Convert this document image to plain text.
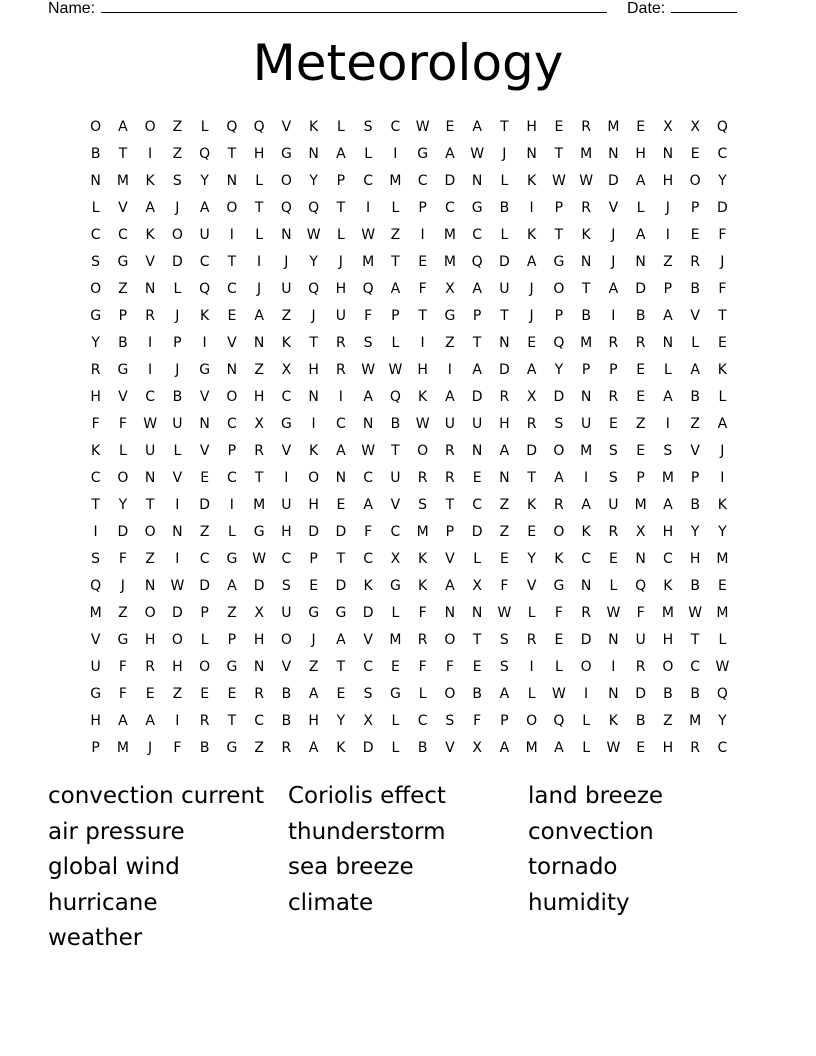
Name:	Date:
Meteorology
O	A	O	Z	L	Q	Q	V	K	L	S	C	W	E	A	T	H	E	R	M	E	X	X	Q
B	T	I	Z	Q	T	H	G	N	A	L	I	G	A	W	J	N	T	M	N	H	N	E	C
N	M	K	S	Y	N	L	O	Y	P	C	M	C	D	N	L	K	W W	D	A	H	O	Y
L	V	A	J	A	O	T	Q	Q	T	I	L	P	C	G	B	I	P	R	V	L	J	P	D
C	C	K	O	U	I	L	N	W	L	W	Z	I	M	C	L	K	T	K	J	A	I	E	F
S	G	V	D	C	T	I	J	Y	J	M	T	E	M	Q	D	A	G	N	J	N	Z	R	J
O	Z	N	L	Q	C	J	U	Q	H	Q	A	F	X	A	U	J	O	T	A	D	P	B	F
G	P	R	J	K	E	A	Z	J	U	F	P	T	G	P	T	J	P	B	I	B	A	V	T
Y	B	I	P	I	V	N	K	T	R	S	L	I	Z	T	N	E	Q	M	R	R	N	L	E
R	G	I	J	G	N	Z	X	H	R	W W	H	I	A	D	A	Y	P	P	E	L	A	K
H	V	C	B	V	O	H	C	N	I	A	Q	K	A	D	R	X	D	N	R	E	A	B	L
F	F	W	U	N	C	X	G	I	C	N	B	W	U	U	H	R	S	U	E	Z	I	Z	A
K	L	U	L	V	P	R	V	K	A	W	T	O	R	N	A	D	O	M	S	E	S	V	J
C	O	N	V	E	C	T	I	O	N	C	U	R	R	E	N	T	A	I	S	P	M	P	I
T	Y	T	I	D	I	M	U	H	E	A	V	S	T	C	Z	K	R	A	U	M	A	B	K
I	D	O	N	Z	L	G	H	D	D	F	C	M	P	D	Z	E	O	K	R	X	H	Y	Y
S	F	Z	I	C	G	W	C	P	T	C	X	K	V	L	E	Y	K	C	E	N	C	H	M
Q	J	N	W	D	A	D	S	E	D	K	G	K	A	X	F	V	G	N	L	Q	K	B	E
M	Z	O	D	P	Z	X	U	G	G	D	L	F	N	N	W	L	F	R	W	F	M	W	M
V	G	H	O	L	P	H	O	J	A	V	M	R	O	T	S	R	E	D	N	U	H	T	L
U	F	R	H	O	G	N	V	Z	T	C	E	F	F	E	S	I	L	O	I	R	O	C	W
G	F	E	Z	E	E	R	B	A	E	S	G	L	O	B	A	L	W	I	N	D	B	B	Q
H	A	A	I	R	T	C	B	H	Y	X	L	C	S	F	P	O	Q	L	K	B	Z	M	Y
P	M	J	F	B	G	Z	R	A	K	D	L	B	V	X	A	M	A	L	W	E	H	R	C
convection current	Coriolis effect	land breeze
air pressure	thunderstorm	convection
global wind	sea breeze	tornado
hurricane	climate	humidity
weather
